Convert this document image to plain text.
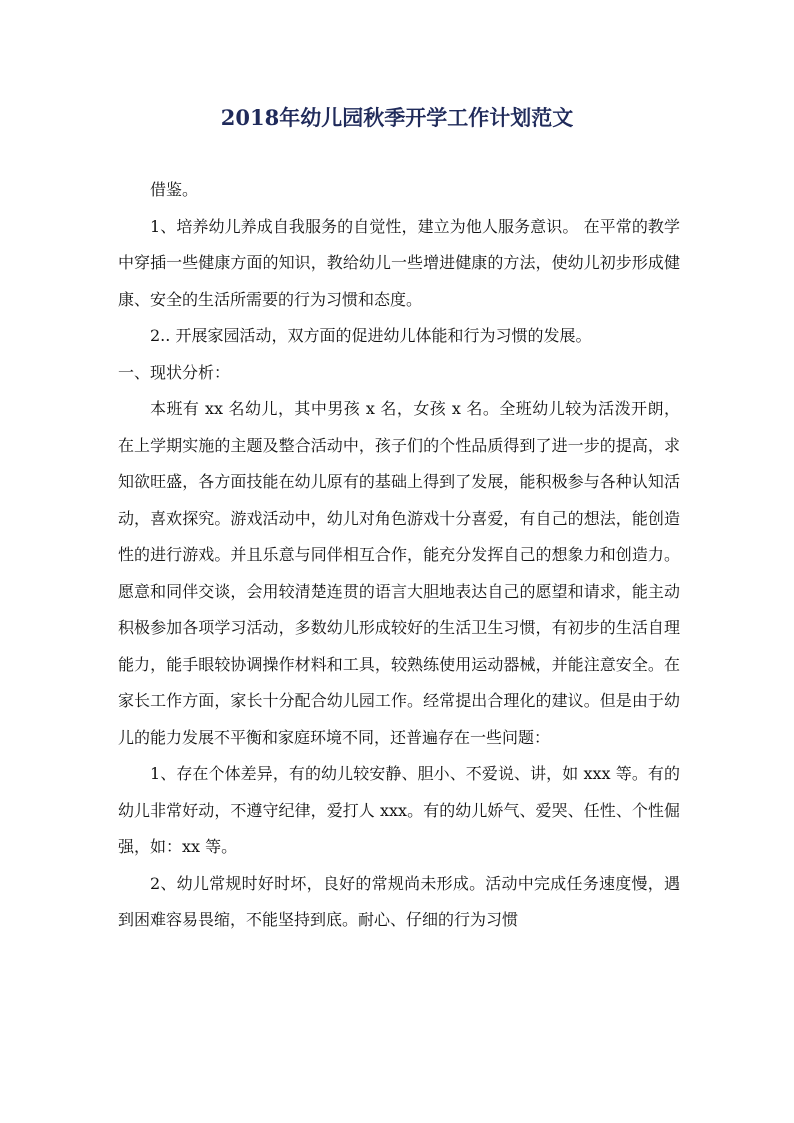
2018年幼儿园秋季开学工作计划范文

借鉴。

1、培养幼儿养成自我服务的自觉性，建立为他人服务意识。 在平常的教学中穿插一些健康方面的知识，教给幼儿一些增进健康的方法，使幼儿初步形成健康、安全的生活所需要的行为习惯和态度。

2.. 开展家园活动，双方面的促进幼儿体能和行为习惯的发展。

一、现状分析：

本班有 xx 名幼儿，其中男孩 x 名，女孩 x 名。全班幼儿较为活泼开朗，在上学期实施的主题及整合活动中，孩子们的个性品质得到了进一步的提高，求知欲旺盛，各方面技能在幼儿原有的基础上得到了发展，能积极参与各种认知活动，喜欢探究。游戏活动中，幼儿对角色游戏十分喜爱，有自己的想法，能创造性的进行游戏。并且乐意与同伴相互合作，能充分发挥自己的想象力和创造力。愿意和同伴交谈，会用较清楚连贯的语言大胆地表达自己的愿望和请求，能主动积极参加各项学习活动，多数幼儿形成较好的生活卫生习惯，有初步的生活自理能力，能手眼较协调操作材料和工具，较熟练使用运动器械，并能注意安全。在家长工作方面，家长十分配合幼儿园工作。经常提出合理化的建议。但是由于幼儿的能力发展不平衡和家庭环境不同，还普遍存在一些问题：

1、存在个体差异，有的幼儿较安静、胆小、不爱说、讲，如 xxx 等。有的幼儿非常好动，不遵守纪律，爱打人 xxx。有的幼儿娇气、爱哭、任性、个性倔强，如：xx 等。

2、幼儿常规时好时坏，良好的常规尚未形成。活动中完成任务速度慢，遇到困难容易畏缩，不能坚持到底。耐心、仔细的行为习惯
